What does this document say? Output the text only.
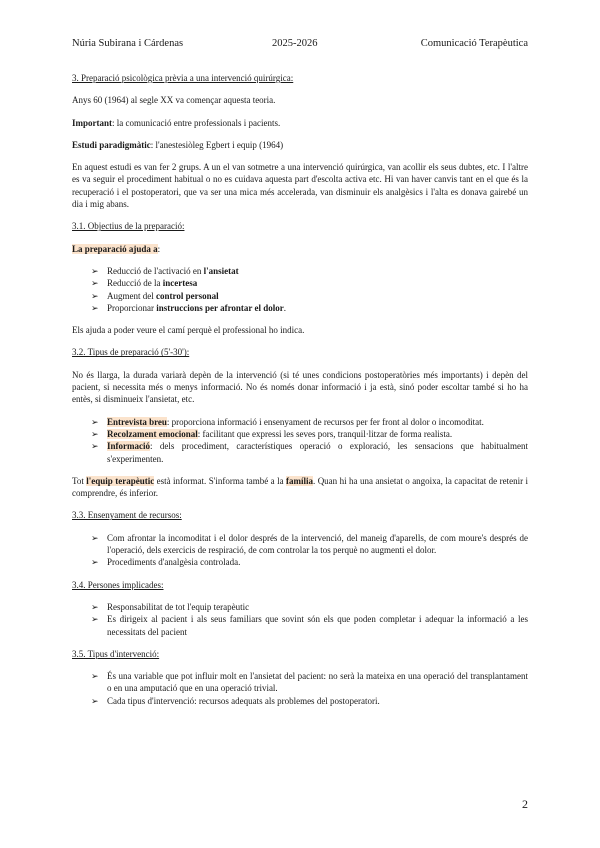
Núria Subirana i Cárdenas	2025-2026	Comunicació Terapèutica

3. Preparació psicològica prèvia a una intervenció quirúrgica:

Anys 60 (1964) al segle XX va començar aquesta teoria.

Important: la comunicació entre professionals i pacients.

Estudi paradigmàtic: l'anestesiòleg Egbert i equip (1964)

En aquest estudi es van fer 2 grups. A un el van sotmetre a una intervenció quirúrgica, van acollir els seus dubtes, etc. I l'altre es va seguir el procediment habitual o no es cuidava aquesta part d'escolta activa etc. Hi van haver canvis tant en el que és la recuperació i el postoperatori, que va ser una mica més accelerada, van disminuir els analgèsics i l'alta es donava gairebé un dia i mig abans.

3.1. Objectius de la preparació:

La preparació ajuda a:

➢ Reducció de l'activació en l'ansietat
➢ Reducció de la incertesa
➢ Augment del control personal
➢ Proporcionar instruccions per afrontar el dolor.

Els ajuda a poder veure el camí perquè el professional ho indica.

3.2. Tipus de preparació (5'-30'):

No és llarga, la durada variarà depèn de la intervenció (si té unes condicions postoperatòries més importants) i depèn del pacient, si necessita més o menys informació. No és només donar informació i ja està, sinó poder escoltar també si ho ha entès, si disminueix l'ansietat, etc.

➢ Entrevista breu: proporciona informació i ensenyament de recursos per fer front al dolor o incomoditat.
➢ Recolzament emocional: facilitant que expressi les seves pors, tranquil·litzar de forma realista.
➢ Informació: dels procediment, característiques operació o exploració, les sensacions que habitualment s'experimenten.

Tot l'equip terapèutic està informat. S'informa també a la família. Quan hi ha una ansietat o angoixa, la capacitat de retenir i comprendre, és inferior.

3.3. Ensenyament de recursos:

➢ Com afrontar la incomoditat i el dolor després de la intervenció, del maneig d'aparells, de com moure's després de l'operació, dels exercicis de respiració, de com controlar la tos perquè no augmenti el dolor.
➢ Procediments d'analgèsia controlada.

3.4. Persones implicades:

➢ Responsabilitat de tot l'equip terapèutic
➢ Es dirigeix al pacient i als seus familiars que sovint són els que poden completar i adequar la informació a les necessitats del pacient

3.5. Tipus d'intervenció:

➢ És una variable que pot influir molt en l'ansietat del pacient: no serà la mateixa en una operació del transplantament o en una amputació que en una operació trivial.
➢ Cada tipus d'intervenció: recursos adequats als problemes del postoperatori.
2
